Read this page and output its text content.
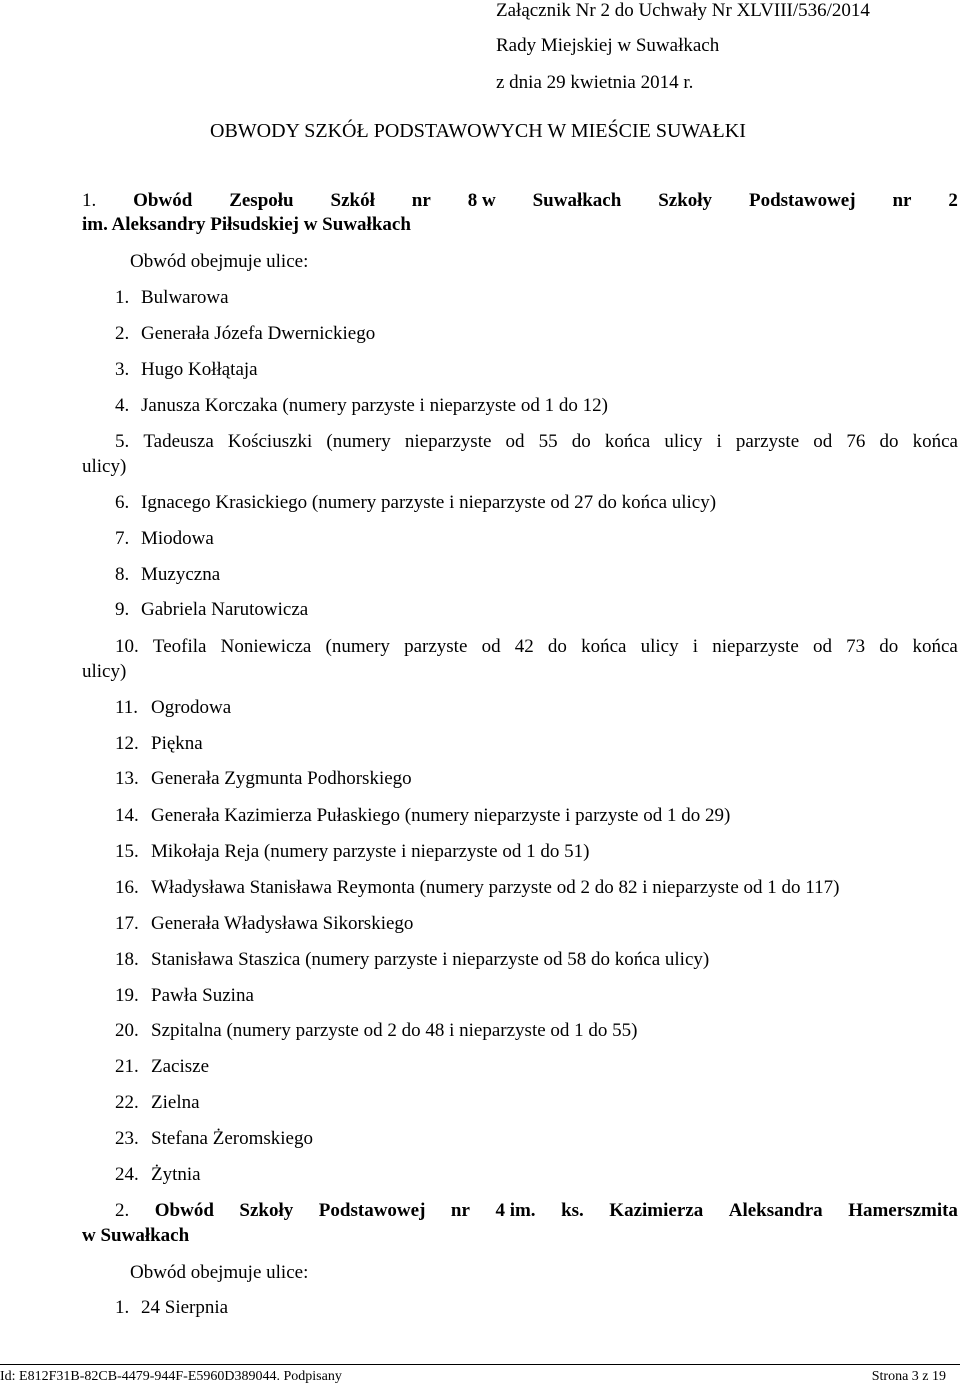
Załącznik Nr 2 do Uchwały Nr XLVIII/536/2014
Rady Miejskiej w Suwałkach
z dnia 29 kwietnia 2014 r.
OBWODY SZKÓŁ PODSTAWOWYCH W MIEŚCIE SUWAŁKI
1. Obwód Zespołu Szkół nr 8 w Suwałkach Szkoły Podstawowej nr 2
im. Aleksandry Piłsudskiej w Suwałkach
Obwód obejmuje ulice:
1. Bulwarowa
2. Generała Józefa Dwernickiego
3. Hugo Kołłątaja
4. Janusza Korczaka (numery parzyste i nieparzyste od 1 do 12)
5. Tadeusza Kościuszki (numery nieparzyste od 55 do końca ulicy i parzyste od 76 do końca
ulicy)
6. Ignacego Krasickiego (numery parzyste i nieparzyste od 27 do końca ulicy)
7. Miodowa
8. Muzyczna
9. Gabriela Narutowicza
10. Teofila Noniewicza (numery parzyste od 42 do końca ulicy i nieparzyste od 73 do końca
ulicy)
11. Ogrodowa
12. Piękna
13. Generała Zygmunta Podhorskiego
14. Generała Kazimierza Pułaskiego (numery nieparzyste i parzyste od 1 do 29)
15. Mikołaja Reja (numery parzyste i nieparzyste od 1 do 51)
16. Władysława Stanisława Reymonta (numery parzyste od 2 do 82 i nieparzyste od 1 do 117)
17. Generała Władysława Sikorskiego
18. Stanisława Staszica (numery parzyste i nieparzyste od 58 do końca ulicy)
19. Pawła Suzina
20. Szpitalna (numery parzyste od 2 do 48 i nieparzyste od 1 do 55)
21. Zacisze
22. Zielna
23. Stefana Żeromskiego
24. Żytnia
2. Obwód Szkoły Podstawowej nr 4 im. ks. Kazimierza Aleksandra Hamerszmita
w Suwałkach
Obwód obejmuje ulice:
1. 24 Sierpnia
Id: E812F31B-82CB-4479-944F-E5960D389044. Podpisany	Strona 3 z 19
